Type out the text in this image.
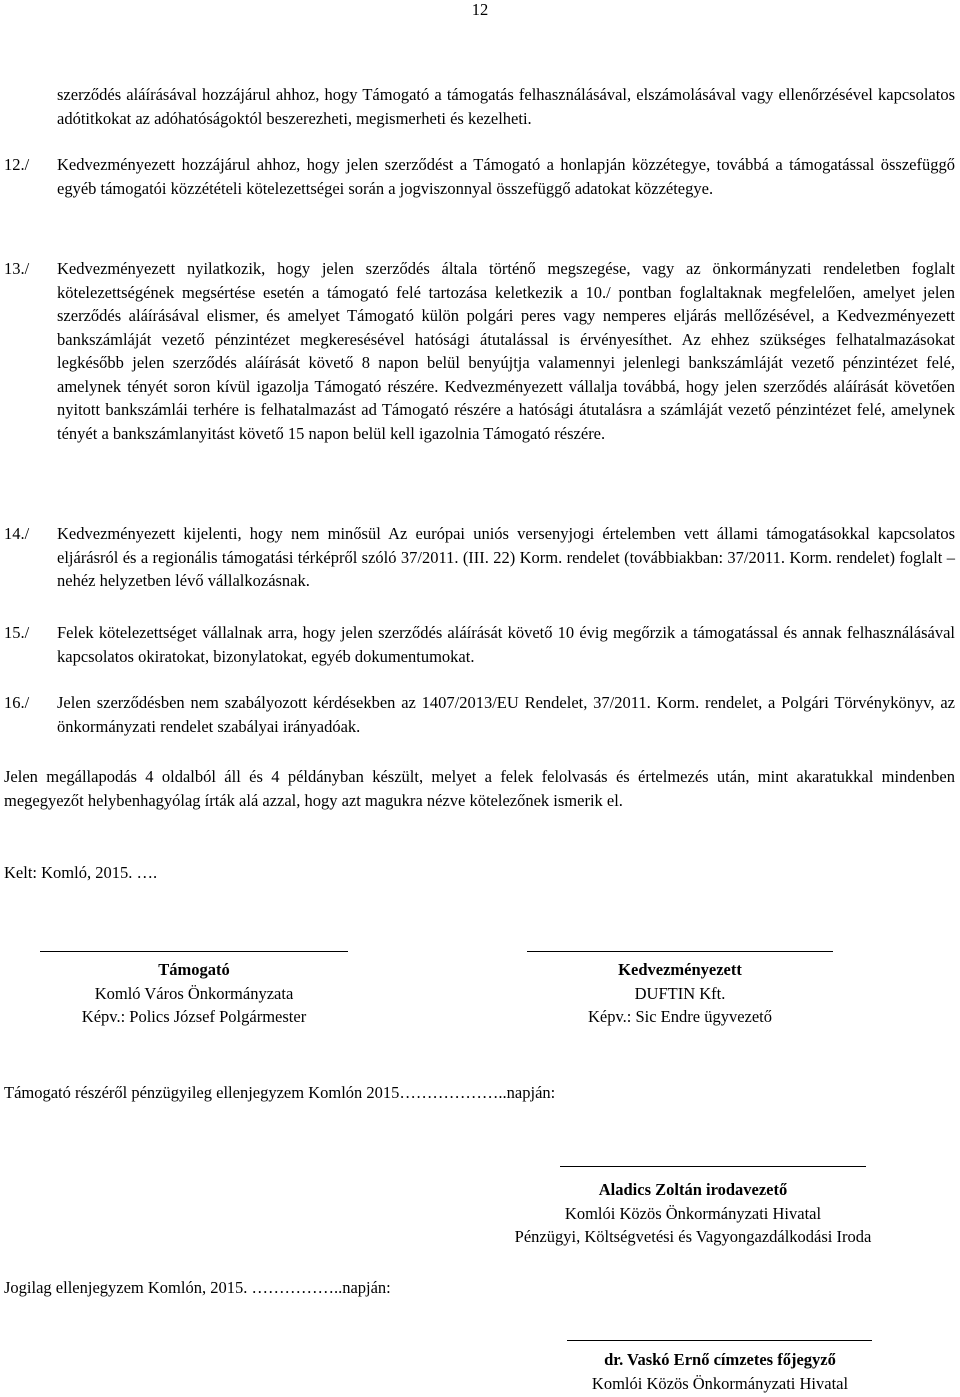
12
szerződés aláírásával hozzájárul ahhoz, hogy Támogató a támogatás felhasználásával, elszámolásával vagy ellenőrzésével kapcsolatos adótitkokat az adóhatóságoktól beszerezheti, megismerheti és kezelheti.
12./	Kedvezményezett hozzájárul ahhoz, hogy jelen szerződést a Támogató a honlapján közzétegye, továbbá a támogatással összefüggő egyéb támogatói közzétételi kötelezettségei során a jogviszonnyal összefüggő adatokat közzétegye.
13./	Kedvezményezett nyilatkozik, hogy jelen szerződés általa történő megszegése, vagy az önkormányzati rendeletben foglalt kötelezettségének megsértése esetén a támogató felé tartozása keletkezik a 10./ pontban foglaltaknak megfelelően, amelyet jelen szerződés aláírásával elismer, és amelyet Támogató külön polgári peres vagy nemperes eljárás mellőzésével, a Kedvezményezett bankszámláját vezető pénzintézet megkeresésével hatósági átutalással is érvényesíthet. Az ehhez szükséges felhatalmazásokat legkésőbb jelen szerződés aláírását követő 8 napon belül benyújtja valamennyi jelenlegi bankszámláját vezető pénzintézet felé, amelynek tényét soron kívül igazolja Támogató részére. Kedvezményezett vállalja továbbá, hogy jelen szerződés aláírását követően nyitott bankszámlái terhére is felhatalmazást ad Támogató részére a hatósági átutalásra a számláját vezető pénzintézet felé, amelynek tényét a bankszámlanyitást követő 15 napon belül kell igazolnia Támogató részére.
14./	Kedvezményezett kijelenti, hogy nem minősül Az európai uniós versenyjogi értelemben vett állami támogatásokkal kapcsolatos eljárásról és a regionális támogatási térképről szóló 37/2011. (III. 22) Korm. rendelet (továbbiakban: 37/2011. Korm. rendelet) foglalt – nehéz helyzetben lévő vállalkozásnak.
15./	Felek kötelezettséget vállalnak arra, hogy jelen szerződés aláírását követő 10 évig megőrzik a támogatással és annak felhasználásával kapcsolatos okiratokat, bizonylatokat, egyéb dokumentumokat.
16./	Jelen szerződésben nem szabályozott kérdésekben az 1407/2013/EU Rendelet, 37/2011. Korm. rendelet, a Polgári Törvénykönyv, az önkormányzati rendelet szabályai irányadóak.
Jelen megállapodás 4 oldalból áll és 4 példányban készült, melyet a felek felolvasás és értelmezés után, mint akaratukkal mindenben megegyezőt helybenhagyólag írták alá azzal, hogy azt magukra nézve kötelezőnek ismerik el.
Kelt: Komló, 2015. ….
Támogató
Komló Város Önkormányzata
Képv.: Polics József Polgármester
Kedvezményezett
DUFTIN Kft.
Képv.: Sic Endre ügyvezető
Támogató részéről pénzügyileg ellenjegyzem Komlón 2015………………..napján:
Aladics Zoltán irodavezető
Komlói Közös Önkormányzati Hivatal
Pénzügyi, Költségvetési és Vagyongazdálkodási Iroda
Jogilag ellenjegyzem Komlón, 2015. ……………..napján:
dr. Vaskó Ernő címzetes főjegyző
Komlói Közös Önkormányzati Hivatal
